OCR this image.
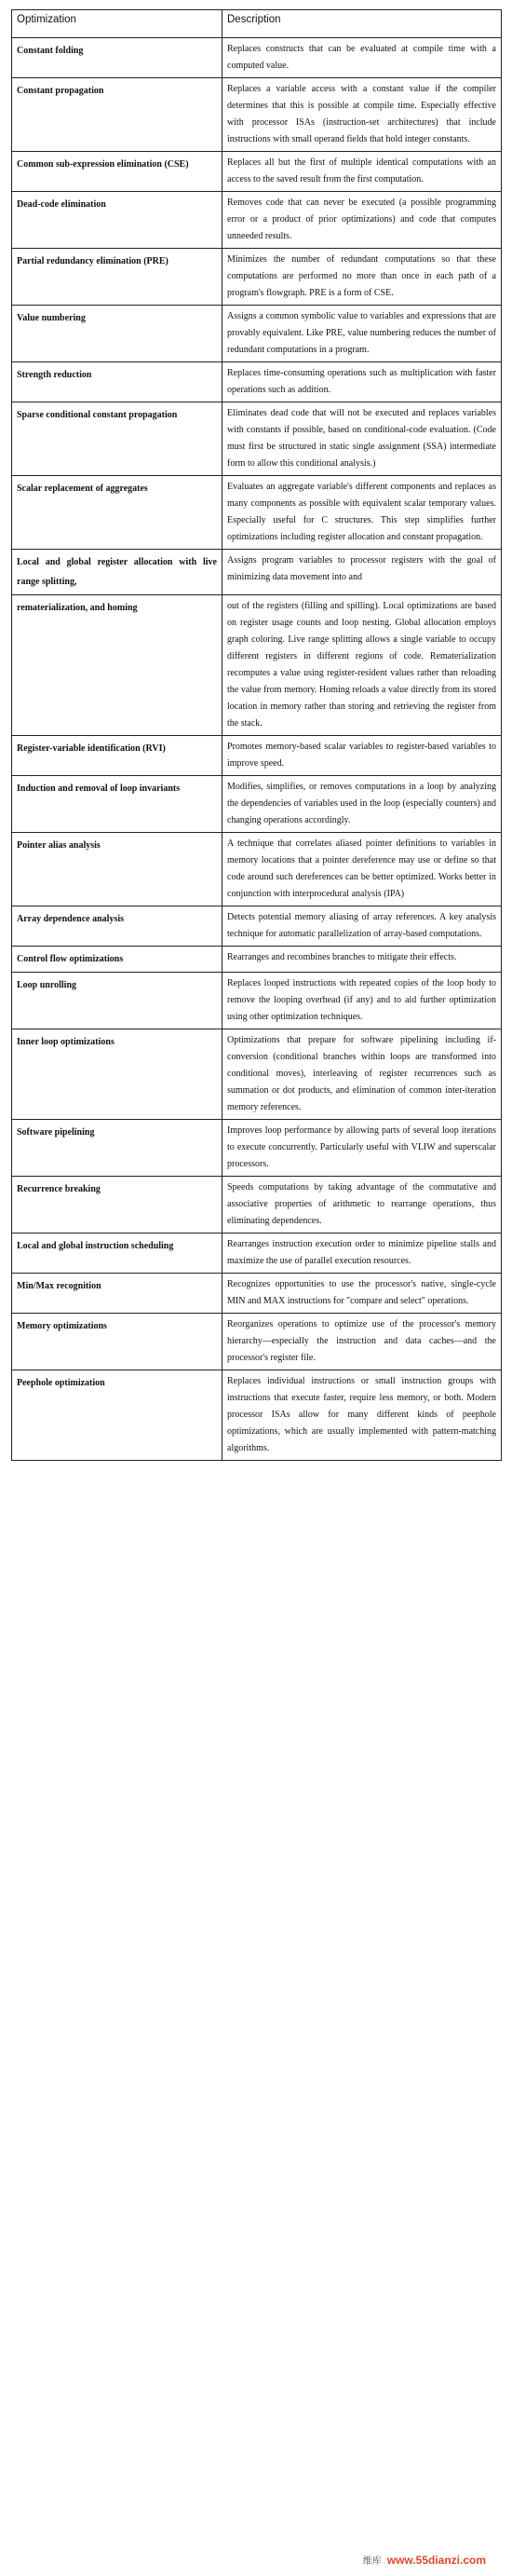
Optimization	Description
Constant folding	Replaces constructs that can be evaluated at compile time with a computed value.
Constant propagation	Replaces a variable access with a constant value if the compiler determines that this is possible at compile time. Especially effective with processor ISAs (instruction-set architectures) that include instructions with small operand fields that hold integer constants.
Common sub-expression elimination (CSE)	Replaces all but the first of multiple identical computations with an access to the saved result from the first computation.
Dead-code elimination	Removes code that can never be executed (a possible programming error or a product of prior optimizations) and code that computes unneeded results.
Partial redundancy elimination (PRE)	Minimizes the number of redundant computations so that these computations are performed no more than once in each path of a program's flowgraph. PRE is a form of CSE.
Value numbering	Assigns a common symbolic value to variables and expressions that are provably equivalent. Like PRE, value numbering reduces the number of redundant computations in a program.
Strength reduction	Replaces time-consuming operations such as multiplication with faster operations such as addition.
Sparse conditional constant propagation	Eliminates dead code that will not be executed and replaces variables with constants if possible, based on conditional-code evaluation. (Code must first be structured in static single assignment (SSA) intermediate form to allow this conditional analysis.)
Scalar replacement of aggregates	Evaluates an aggregate variable's different components and replaces as many components as possible with equivalent scalar temporary values. Especially useful for C structures. This step simplifies further optimizations including register allocation and constant propagation.
Local and global register allocation with live range splitting,	Assigns program variables to processor registers with the goal of minimizing data movement into and
rematerialization, and homing	out of the registers (filling and spilling). Local optimizations are based on register usage counts and loop nesting. Global allocation employs graph coloring. Live range splitting allows a single variable to occupy different registers in different regions of code. Rematerialization recomputes a value using register-resident values rather than reloading the value from memory. Homing reloads a value directly from its stored location in memory rather than storing and retrieving the register from the stack.
Register-variable identification (RVI)	Promotes memory-based scalar variables to register-based variables to improve speed.
Induction and removal of loop invariants	Modifies, simplifies, or removes computations in a loop by analyzing the dependencies of variables used in the loop (especially counters) and changing operations accordingly.
Pointer alias analysis	A technique that correlates aliased pointer definitions to variables in memory locations that a pointer dereference may use or define so that code around such dereferences can be better optimized. Works better in conjunction with interprocedural analysis (IPA)
Array dependence analysis	Detects potential memory aliasing of array references. A key analysis technique for automatic parallelization of array-based computations.
Control flow optimizations	Rearranges and recombines branches to mitigate their effects.
Loop unrolling	Replaces looped instructions with repeated copies of the loop body to remove the looping overhead (if any) and to aid further optimization using other optimization techniques.
Inner loop optimizations	Optimizations that prepare for software pipelining including if-conversion (conditional branches within loops are transformed into conditional moves), interleaving of register recurrences such as summation or dot products, and elimination of common inter-iteration memory references.
Software pipelining	Improves loop performance by allowing parts of several loop iterations to execute concurrently. Particularly useful with VLIW and superscalar processors.
Recurrence breaking	Speeds computations by taking advantage of the commutative and associative properties of arithmetic to rearrange operations, thus eliminating dependences.
Local and global instruction scheduling	Rearranges instruction execution order to minimize pipeline stalls and maximize the use of parallel execution resources.
Min/Max recognition	Recognizes opportunities to use the processor's native, single-cycle MIN and MAX instructions for "compare and select" operations.
Memory optimizations	Reorganizes operations to optimize use of the processor's memory hierarchy—especially the instruction and data caches—and the processor's register file.
Peephole optimization	Replaces individual instructions or small instruction groups with instructions that execute faster, require less memory, or both. Modern processor ISAs allow for many different kinds of peephole optimizations, which are usually implemented with pattern-matching algorithms.
维库 www.55dianzi.com
